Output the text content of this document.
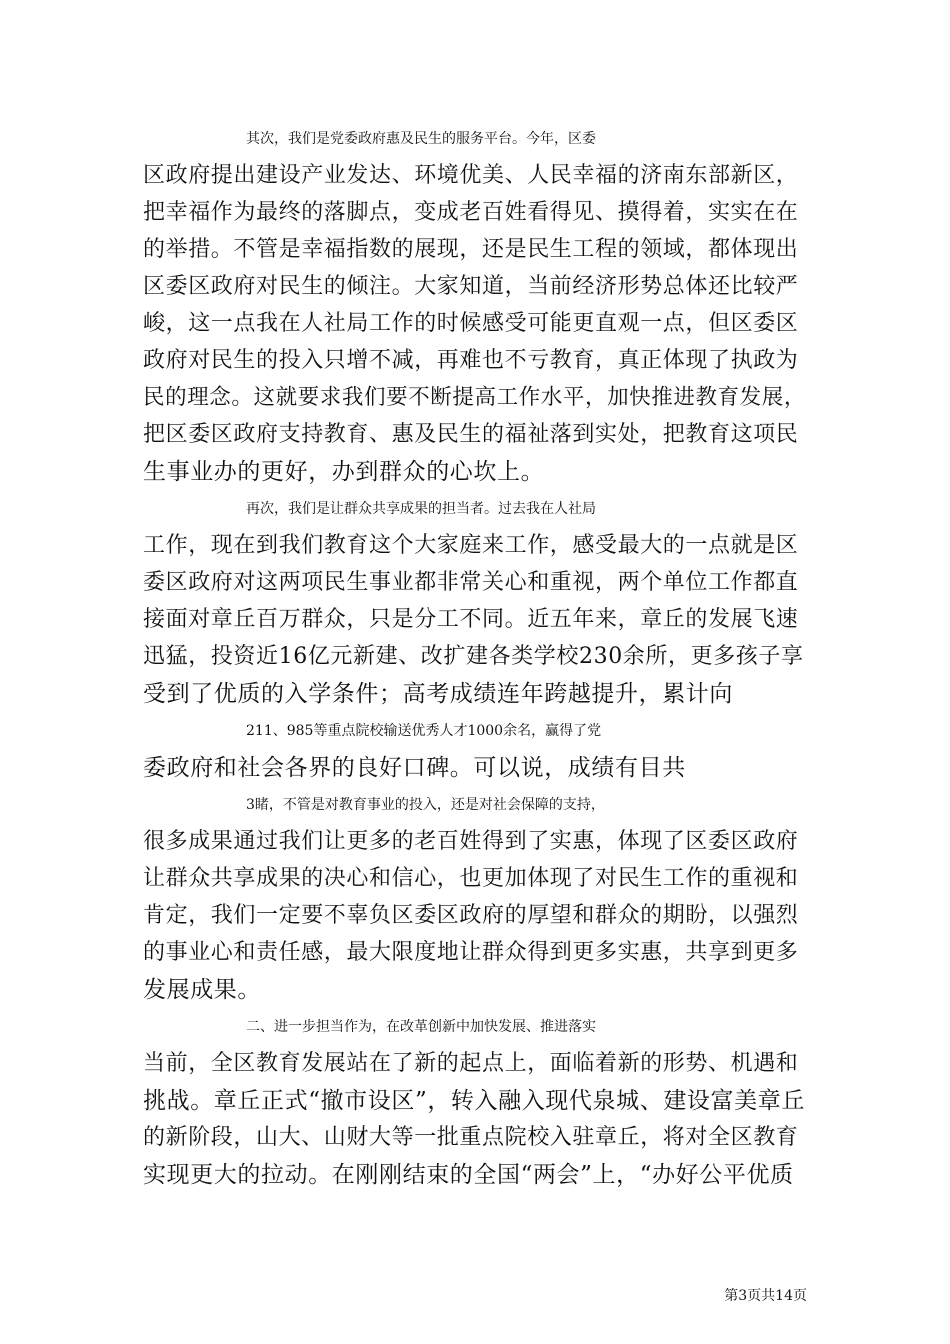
其次，我们是党委政府惠及民生的服务平台。今年，区委
区政府提出建设产业发达、环境优美、人民幸福的济南东部新区，
把幸福作为最终的落脚点，变成老百姓看得见、摸得着，实实在在
的举措。不管是幸福指数的展现，还是民生工程的领域，都体现出
区委区政府对民生的倾注。大家知道，当前经济形势总体还比较严
峻，这一点我在人社局工作的时候感受可能更直观一点，但区委区
政府对民生的投入只增不减，再难也不亏教育，真正体现了执政为
民的理念。这就要求我们要不断提高工作水平，加快推进教育发展，
把区委区政府支持教育、惠及民生的福祉落到实处，把教育这项民
生事业办的更好，办到群众的心坎上。
再次，我们是让群众共享成果的担当者。过去我在人社局
工作，现在到我们教育这个大家庭来工作，感受最大的一点就是区
委区政府对这两项民生事业都非常关心和重视，两个单位工作都直
接面对章丘百万群众，只是分工不同。近五年来，章丘的发展飞速
迅猛，投资近16亿元新建、改扩建各类学校230余所，更多孩子享
受到了优质的入学条件；高考成绩连年跨越提升，累计向
211、985等重点院校输送优秀人才1000余名，赢得了党
委政府和社会各界的良好口碑。可以说，成绩有目共
3睹，不管是对教育事业的投入，还是对社会保障的支持，
很多成果通过我们让更多的老百姓得到了实惠，体现了区委区政府
让群众共享成果的决心和信心，也更加体现了对民生工作的重视和
肯定，我们一定要不辜负区委区政府的厚望和群众的期盼，以强烈
的事业心和责任感，最大限度地让群众得到更多实惠，共享到更多
发展成果。
二、进一步担当作为，在改革创新中加快发展、推进落实
当前，全区教育发展站在了新的起点上，面临着新的形势、机遇和
挑战。章丘正式“撤市设区”，转入融入现代泉城、建设富美章丘
的新阶段，山大、山财大等一批重点院校入驻章丘，将对全区教育
实现更大的拉动。在刚刚结束的全国“两会”上，“办好公平优质
第3页共14页
